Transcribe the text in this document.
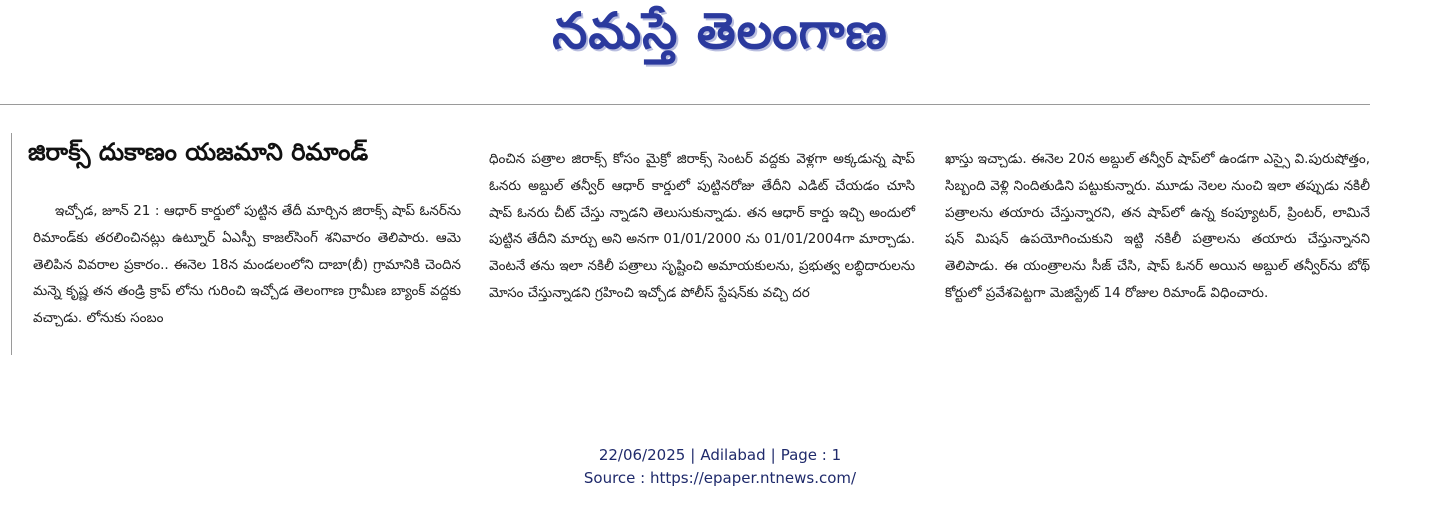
నమస్తే తెలంగాణ
జిరాక్స్ దుకాణం యజమాని రిమాండ్
ఇచ్చోడ, జూన్ 21 : ఆధార్ కార్డులో పుట్టిన తేదీ మార్చిన జిరాక్స్ షాప్ ఓనర్‌ను రిమాండ్‌కు తరలించినట్లు ఉట్నూర్ ఏఎస్పీ కాజల్‌సింగ్ శనివారం తెలిపారు. ఆమె తెలిపిన వివరాల ప్రకారం.. ఈనెల 18న మండలంలోని దాబా(బీ) గ్రామానికి చెందిన మన్నె కృష్ణ తన తండ్రి క్రాప్ లోను గురించి ఇచ్చోడ తెలంగాణ గ్రామీణ బ్యాంక్ వద్దకు వచ్చాడు. లోనుకు సంబం
ధించిన పత్రాల జిరాక్స్ కోసం మైక్రో జిరాక్స్ సెంటర్ వద్దకు వెళ్లగా అక్కడున్న షాప్ ఓనరు అబ్దుల్ తన్వీర్ ఆధార్ కార్డులో పుట్టినరోజు తేదీని ఎడిట్ చేయడం చూసి షాప్ ఓనరు చీట్ చేస్తు న్నాడని తెలుసుకున్నాడు. తన ఆధార్ కార్డు ఇచ్చి అందులో పుట్టిన తేదీని మార్చు అని అనగా 01/01/2000 ను 01/01/2004గా మార్చాడు. వెంటనే తను ఇలా నకిలీ పత్రాలు సృష్టించి అమాయకులను, ప్రభుత్వ లబ్ధిదారులను మోసం చేస్తున్నాడని గ్రహించి ఇచ్చోడ పోలీస్ స్టేషన్‌కు వచ్చి దర
ఖాస్తు ఇచ్చాడు. ఈనెల 20న అబ్దుల్ తన్వీర్ షాప్‌లో ఉండగా ఎస్సై వి.పురుషోత్తం, సిబ్బంది వెళ్లి నిందితుడిని పట్టుకున్నారు. మూడు నెలల నుంచి ఇలా తప్పుడు నకిలీ పత్రాలను తయారు చేస్తున్నారని, తన షాప్‌లో ఉన్న కంప్యూటర్, ప్రింటర్, లామినే షన్ మిషన్ ఉపయోగించుకుని ఇట్టి నకిలీ పత్రాలను తయారు చేస్తున్నానని తెలిపాడు. ఈ యంత్రాలను సీజ్ చేసి, షాప్ ఓనర్ అయిన అబ్దుల్ తన్వీర్‌ను బోథ్ కోర్టులో ప్రవేశపెట్టగా మెజిస్ట్రేట్ 14 రోజుల రిమాండ్ విధించారు.
22/06/2025 | Adilabad | Page : 1
Source : https://epaper.ntnews.com/
